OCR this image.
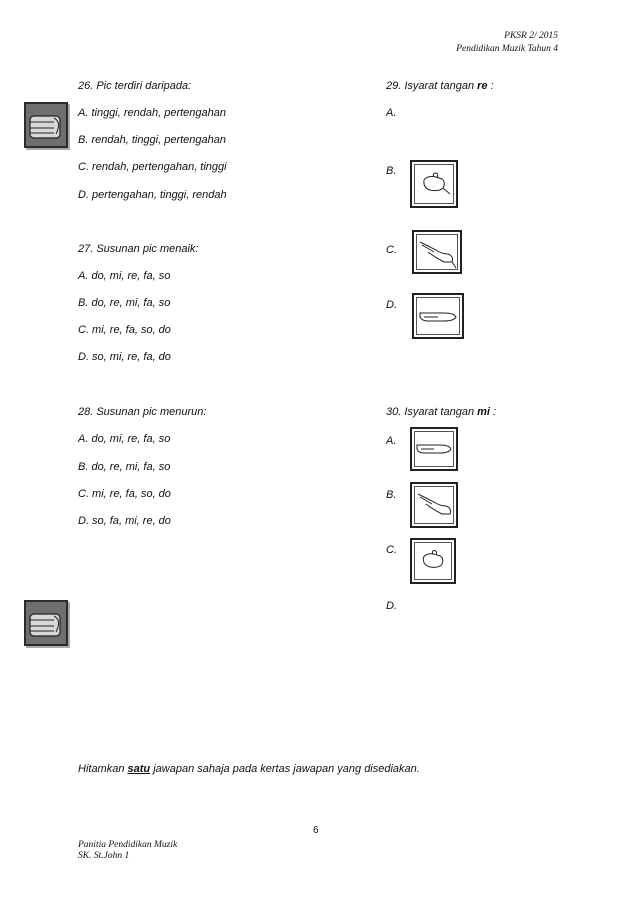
PKSR 2/ 2015
Pendidikan Muzik Tahun 4
26. Pic terdiri daripada:
A. tinggi, rendah, pertengahan
B. rendah, tinggi, pertengahan
C. rendah, pertengahan, tinggi
D. pertengahan, tinggi, rendah
27. Susunan pic menaik:
A. do, mi, re, fa, so
B. do, re, mi, fa, so
C. mi, re, fa, so, do
D. so, mi, re, fa, do
28. Susunan pic menurun:
A. do, mi, re, fa, so
B. do, re, mi, fa, so
C. mi, re, fa, so, do
D. so, fa, mi, re, do
29. Isyarat tangan re :
A.
B.
C.
D.
30. Isyarat tangan mi :
A.
B.
C.
D.
Hitamkan satu jawapan sahaja pada kertas jawapan yang disediakan.
6
Panitia Pendidikan Muzik
SK. St.John 1
